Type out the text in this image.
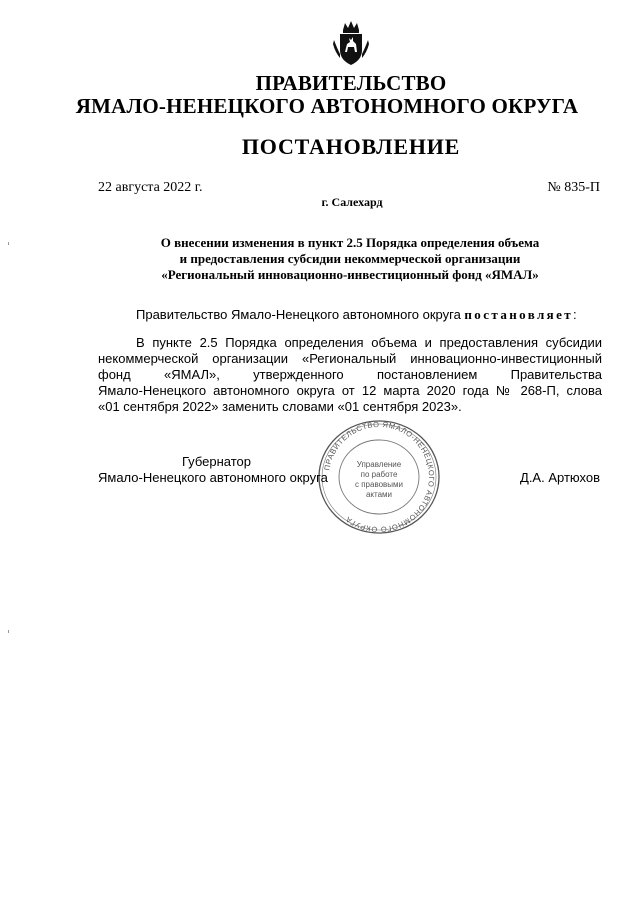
ПРАВИТЕЛЬСТВО
ЯМАЛО-НЕНЕЦКОГО АВТОНОМНОГО ОКРУГА
ПОСТАНОВЛЕНИЕ
22 августа 2022 г.	№ 835-П
г. Салехард
О внесении изменения в пункт 2.5 Порядка определения объема
и предоставления субсидии некоммерческой организации
«Региональный инновационно-инвестиционный фонд «ЯМАЛ»
Правительство Ямало-Ненецкого автономного округа постановляет:
В пункте 2.5 Порядка определения объема и предоставления субсидии
некоммерческой организации «Региональный инновационно-инвестиционный
фонд «ЯМАЛ», утвержденного постановлением Правительства
Ямало-Ненецкого автономного округа от 12 марта 2020 года № 268-П, слова
«01 сентября 2022» заменить словами «01 сентября 2023».
ПРАВИТЕЛЬСТВО ЯМАЛО-НЕНЕЦКОГО АВТОНОМНОГО ОКРУГА
Управление
по работе
с правовыми
актами
Губернатор
Ямало-Ненецкого автономного округа	Д.А. Артюхов
